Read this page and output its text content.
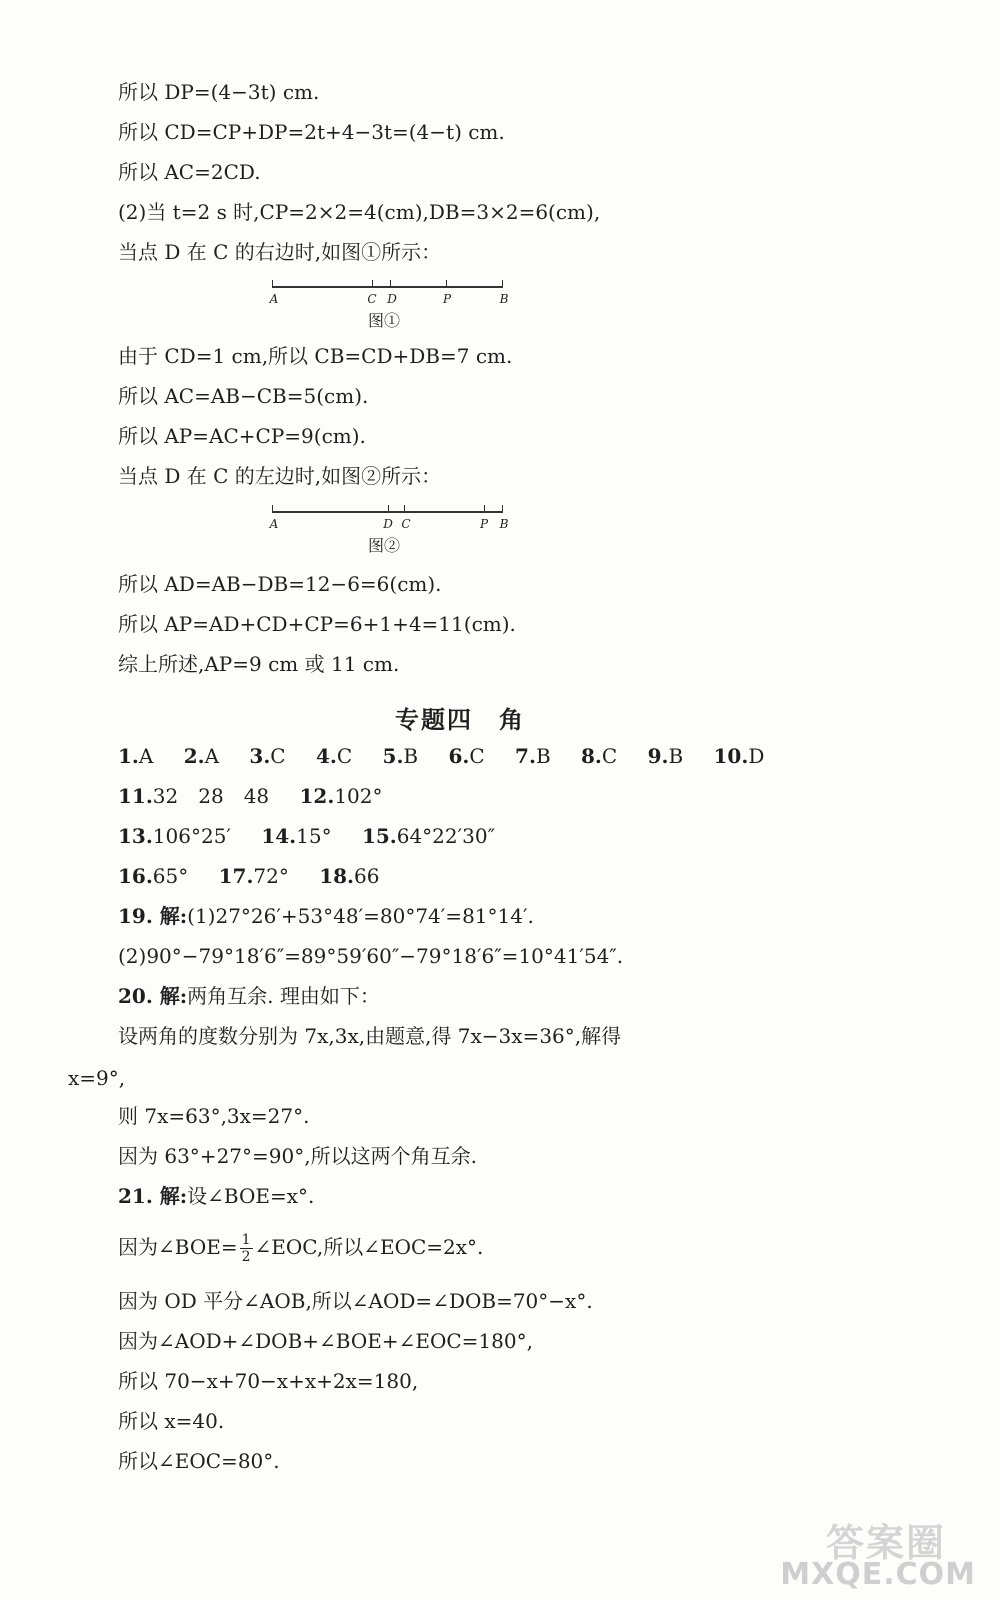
所以 DP=(4−3t) cm.
所以 CD=CP+DP=2t+4−3t=(4−t) cm.
所以 AC=2CD.
(2)当 t=2 s 时,CP=2×2=4(cm),DB=3×2=6(cm),
当点 D 在 C 的右边时,如图①所示：
A	C D	P	B
图①
由于 CD=1 cm,所以 CB=CD+DB=7 cm.
所以 AC=AB−CB=5(cm).
所以 AP=AC+CP=9(cm).
当点 D 在 C 的左边时,如图②所示：
A	D C	P B
图②
所以 AD=AB−DB=12−6=6(cm).
所以 AP=AD+CD+CP=6+1+4=11(cm).
综上所述,AP=9 cm 或 11 cm.
专题四　角
1.A 2.A 3.C 4.C 5.B 6.C 7.B 8.C 9.B 10.D
11.32　28　48 12.102°
13.106°25′ 14.15° 15.64°22′30″
16.65° 17.72° 18.66
19. 解:(1)27°26′+53°48′=80°74′=81°14′.
(2)90°−79°18′6″=89°59′60″−79°18′6″=10°41′54″.
20. 解:两角互余. 理由如下：
设两角的度数分别为 7x,3x,由题意,得 7x−3x=36°,解得
x=9°,
则 7x=63°,3x=27°.
因为 63°+27°=90°,所以这两个角互余.
21. 解:设∠BOE=x°.
因为∠BOE= $\frac{1}{2}$ ∠EOC,所以∠EOC=2x°.
因为 OD 平分∠AOB,所以∠AOD=∠DOB=70°−x°.
因为∠AOD+∠DOB+∠BOE+∠EOC=180°,
所以 70−x+70−x+x+2x=180,
所以 x=40.
所以∠EOC=80°.
答案圈
MXQE.COM
